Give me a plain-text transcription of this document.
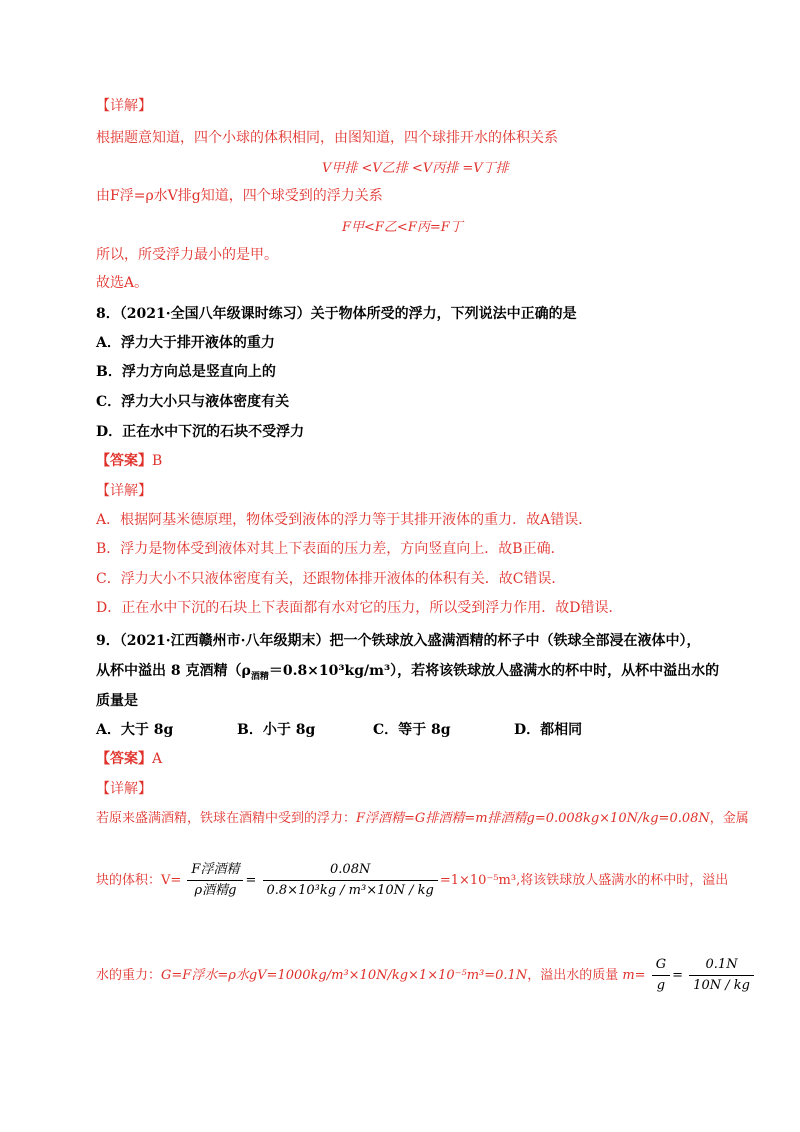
【详解】
根据题意知道，四个小球的体积相同，由图知道，四个球排开水的体积关系
V甲排 <V乙排 <V丙排 =V丁排
由F浮=ρ水V排g知道，四个球受到的浮力关系
F甲<F乙<F丙=F丁
所以，所受浮力最小的是甲。
故选A。
8．（2021·全国八年级课时练习）关于物体所受的浮力，下列说法中正确的是
A．浮力大于排开液体的重力
B．浮力方向总是竖直向上的
C．浮力大小只与液体密度有关
D．正在水中下沉的石块不受浮力
【答案】B
【详解】
A．根据阿基米德原理，物体受到液体的浮力等于其排开液体的重力．故A错误．
B．浮力是物体受到液体对其上下表面的压力差，方向竖直向上．故B正确．
C．浮力大小不只液体密度有关，还跟物体排开液体的体积有关．故C错误．
D．正在水中下沉的石块上下表面都有水对它的压力，所以受到浮力作用．故D错误．
9．（2021·江西赣州市·八年级期末）把一个铁球放入盛满酒精的杯子中（铁球全部浸在液体中），
从杯中溢出 8 克酒精$(\rho_{酒精}=0.8\times 10^3kg/m^3)$，若将该铁球放人盛满水的杯中时，从杯中溢出水的
质量是
A．大于 8g	B．小于 8g	C．等于 8g	D．都相同
【答案】A
【详解】
若原来盛满酒精，铁球在酒精中受到的浮力：F浮酒精=G排酒精=m排酒精g=0.008kg×10N/kg=0.08N，金属
块的体积：$V= \frac{\text{F浮酒精}}{\text{ρ酒精g}} = \frac{0.08N}{\text{0.8×10³kg / m³×10N / kg}} =1\times 10^{-5}m^3$,将该铁球放人盛满水的杯中时，溢出
水的重力：G=F浮水=ρ水gV=1000kg/m³×10N/kg×1×10⁻⁵m³=0.1N，溢出水的质量 $m= \frac{G}{g} = \frac{0.1N}{10N / kg}$
